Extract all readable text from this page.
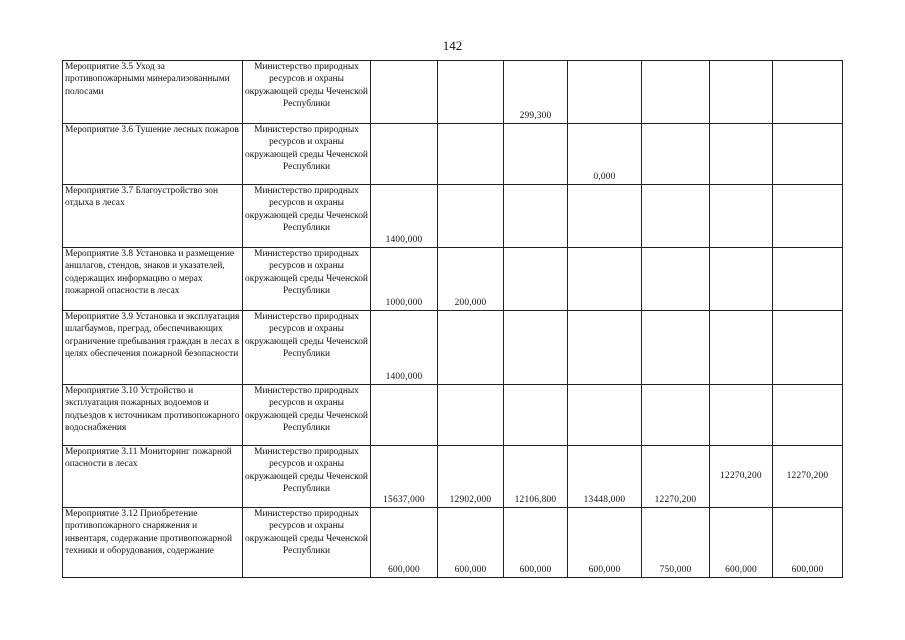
142
Мероприятие 3.5 Уход за противопожарными минерализованными полосами	Министерство природных ресурсов и охраны окружающей среды Чеченской Республики			299,300				
Мероприятие 3.6 Тушение лесных пожаров	Министерство природных ресурсов и охраны окружающей среды Чеченской Республики				0,000			
Мероприятие 3.7 Благоустройство зон отдыха в лесах	Министерство природных ресурсов и охраны окружающей среды Чеченской Республики	1400,000						
Мероприятие 3.8 Установка и размещение аншлагов, стендов, знаков и указателей, содержащих информацию о мерах пожарной опасности в лесах	Министерство природных ресурсов и охраны окружающей среды Чеченской Республики	1000,000	200,000					
Мероприятие 3.9 Установка и эксплуатация шлагбаумов, преград, обеспечивающих ограничение пребывания граждан в лесах в целях обеспечения пожарной безопасности	Министерство природных ресурсов и охраны окружающей среды Чеченской Республики	1400,000						
Мероприятие 3.10 Устройство и эксплуатация пожарных водоемов и подъездов к источникам противопожарного водоснабжения	Министерство природных ресурсов и охраны окружающей среды Чеченской Республики							
Мероприятие 3.11 Мониторинг пожарной опасности в лесах	Министерство природных ресурсов и охраны окружающей среды Чеченской Республики	15637,000	12902,000	12106,800	13448,000	12270,200	12270,200	12270,200
Мероприятие 3.12 Приобретение противопожарного снаряжения и инвентаря, содержание противопожарной техники и оборудования, содержание	Министерство природных ресурсов и охраны окружающей среды Чеченской Республики	600,000	600,000	600,000	600,000	750,000	600,000	600,000
